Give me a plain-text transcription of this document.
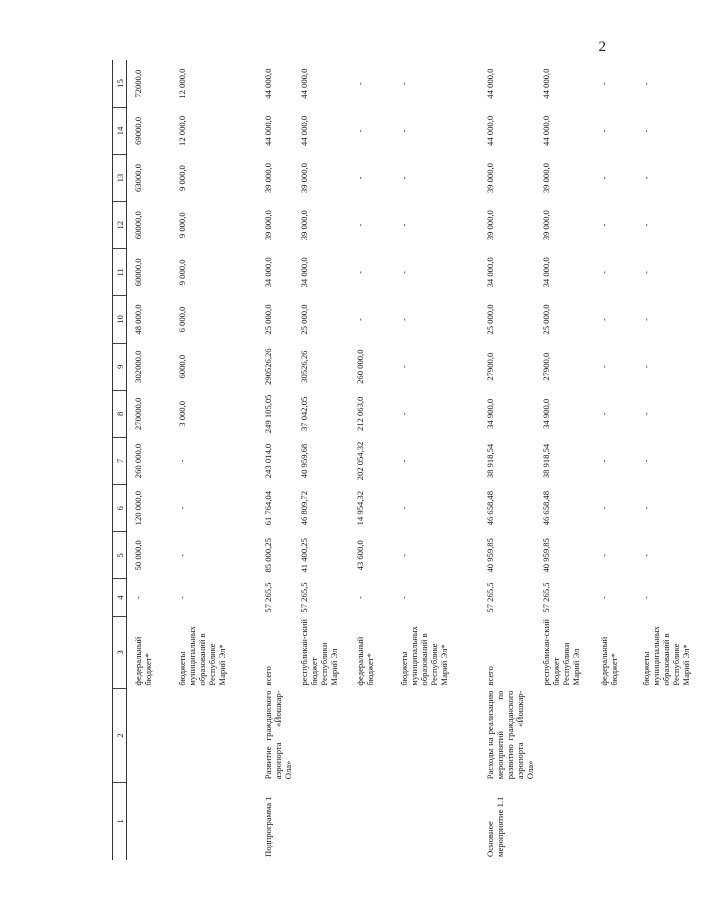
2
1	2	3	4	5	6	7	8	9	10	11	12	13	14	15
		федеральный бюджет*	-	50 000,0	120 000,0	260 000,0	270000,0	302000,0	48 000,0	60000,0	60000,0	63000,0	69000,0	72000,0
		бюджеты муниципальных образований в Республике Марий Эл*	-	-	-	-	3 000,0	6000,0	6 000,0	9 000,0	9 000,0	9 000,0	12 000,0	12 000,0
Подпрограмма 1	Развитие гражданского аэропорта «Йошкар-Ола»	всего	57 265,5	85 000,25	61 764,04	243 014,0	249 105,05	290526,26	25 000,0	34 000,0	39 000,0	39 000,0	44 000,0	44 000,0
		республикан-ский бюджет Республики Марий Эл	57 265,5	41 400,25	46 809,72	40 959,68	37 042,05	30526,26	25 000,0	34 000,0	39 000,0	39 000,0	44 000,0	44 000,0
		федеральный бюджет*	-	43 600,0	14 954,32	202 054,32	212 063,0	260 000,0	-	-	-	-	-	-
		бюджеты муниципальных образований в Республике Марий Эл*	-	-	-	-	-	-	-	-	-	-	-	-
Основное мероприятие 1.1	Расходы на реализацию мероприятий по развитию гражданского аэропорта «Йошкар-Ола»	всего	57 265,5	40 959,85	46 658,48	38 918,54	34 900,0	27900,0	25 000,0	34 000,0	39 000,0	39 000,0	44 000,0	44 000,0
		республикан-ский бюджет Республики Марий Эл	57 265,5	40 959,85	46 658,48	38 918,54	34 900,0	27900,0	25 000,0	34 000,0	39 000,0	39 000,0	44 000,0	44 000,0
		федеральный бюджет*	-	-	-	-	-	-	-	-	-	-	-	-
		бюджеты муниципальных образований в Республике Марий Эл*	-	-	-	-	-	-	-	-	-	-	-	-
